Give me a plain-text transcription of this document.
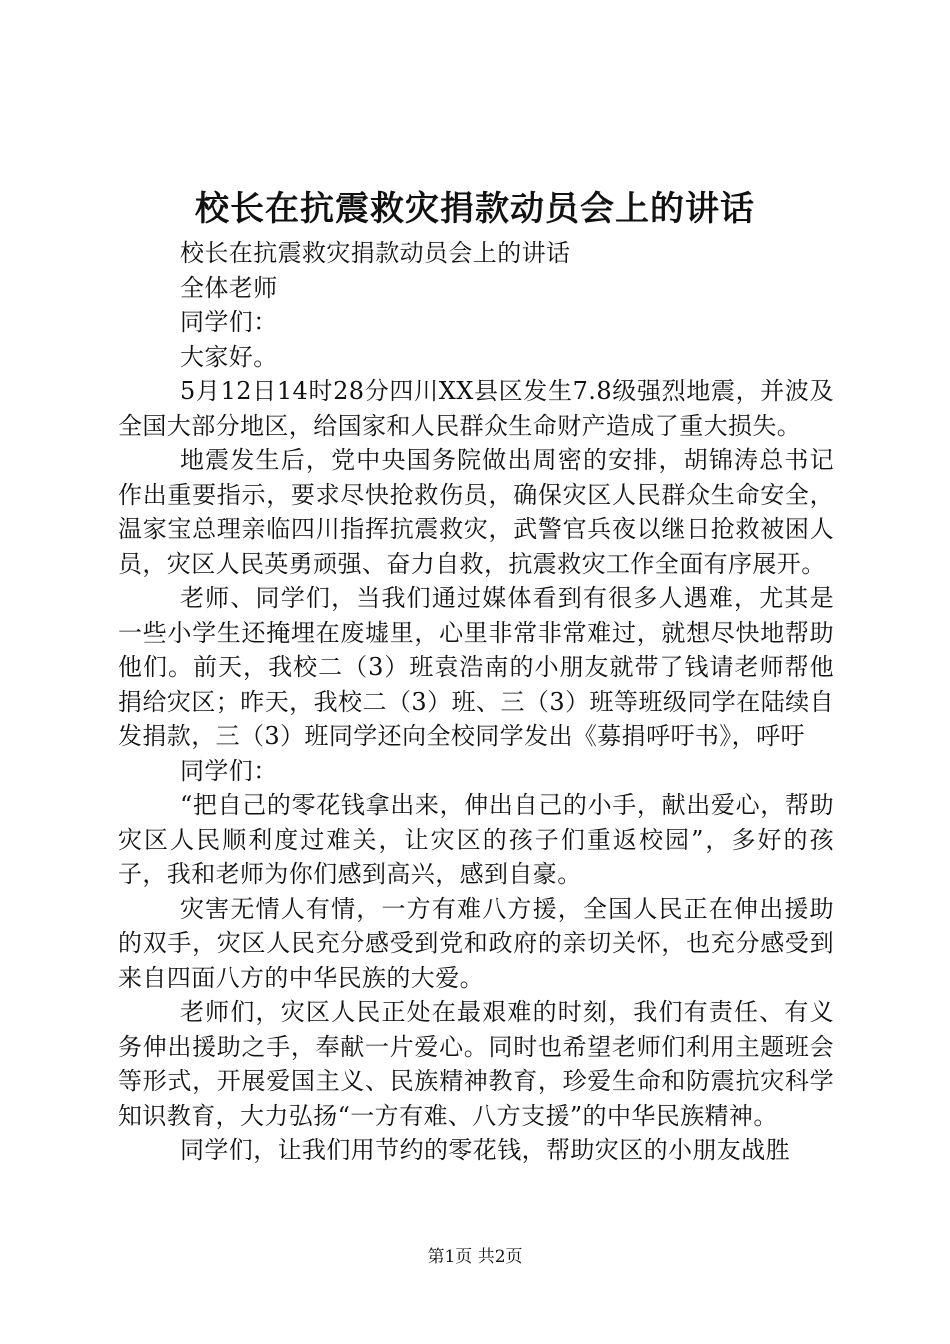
校长在抗震救灾捐款动员会上的讲话

校长在抗震救灾捐款动员会上的讲话

全体老师

同学们：

大家好。

5月12日14时28分四川XX县区发生7.8级强烈地震，并波及全国大部分地区，给国家和人民群众生命财产造成了重大损失。

地震发生后，党中央国务院做出周密的安排，胡锦涛总书记作出重要指示，要求尽快抢救伤员，确保灾区人民群众生命安全，温家宝总理亲临四川指挥抗震救灾，武警官兵夜以继日抢救被困人员，灾区人民英勇顽强、奋力自救，抗震救灾工作全面有序展开。

老师、同学们，当我们通过媒体看到有很多人遇难，尤其是一些小学生还掩埋在废墟里，心里非常非常难过，就想尽快地帮助他们。前天，我校二（3）班袁浩南的小朋友就带了钱请老师帮他捐给灾区；昨天，我校二（3）班、三（3）班等班级同学在陆续自发捐款，三（3）班同学还向全校同学发出《募捐呼吁书》，呼吁

同学们：

“把自己的零花钱拿出来，伸出自己的小手，献出爱心，帮助灾区人民顺利度过难关，让灾区的孩子们重返校园”，多好的孩子，我和老师为你们感到高兴，感到自豪。

灾害无情人有情，一方有难八方援，全国人民正在伸出援助的双手，灾区人民充分感受到党和政府的亲切关怀，也充分感受到来自四面八方的中华民族的大爱。

老师们，灾区人民正处在最艰难的时刻，我们有责任、有义务伸出援助之手，奉献一片爱心。同时也希望老师们利用主题班会等形式，开展爱国主义、民族精神教育，珍爱生命和防震抗灾科学知识教育，大力弘扬“一方有难、八方支援”的中华民族精神。

同学们，让我们用节约的零花钱，帮助灾区的小朋友战胜

第1页 共2页
